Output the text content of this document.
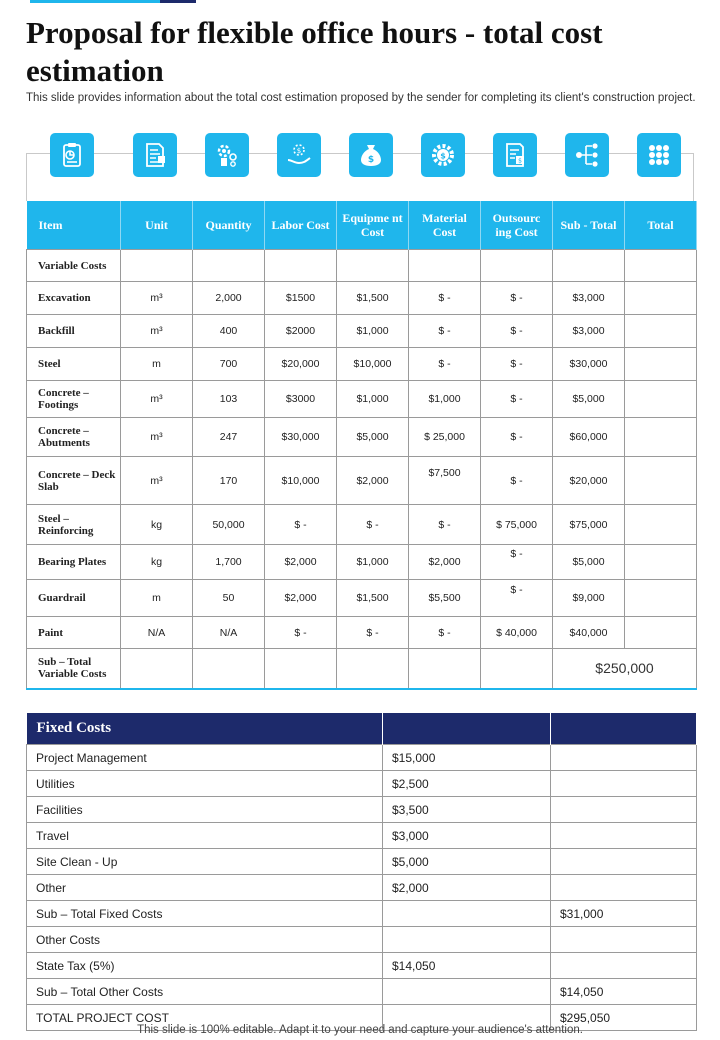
Proposal for flexible office hours - total cost estimation

This slide provides information about the total cost estimation proposed by the sender for completing its client's construction project.

$
$	$
$
Item	Unit	Quantity	Labor Cost	Equipme nt Cost	Material Cost	Outsourc ing Cost	Sub - Total	Total
Variable Costs								
Excavation	m³	2,000	$1500	$1,500	$ -	$ -	$3,000	
Backfill	m³	400	$2000	$1,000	$ -	$ -	$3,000	
Steel	m	700	$20,000	$10,000	$ -	$ -	$30,000	
Concrete – Footings	m³	103	$3000	$1,000	$1,000	$ -	$5,000	
Concrete – Abutments	m³	247	$30,000	$5,000	$ 25,000	$ -	$60,000	
Concrete – Deck Slab	m³	170	$10,000	$2,000	$7,500	$ -	$20,000	
Steel – Reinforcing	kg	50,000	$ -	$ -	$ -	$ 75,000	$75,000	
Bearing Plates	kg	1,700	$2,000	$1,000	$2,000	$ -	$5,000	
Guardrail	m	50	$2,000	$1,500	$5,500	$ -	$9,000	
Paint	N/A	N/A	$ -	$ -	$ -	$ 40,000	$40,000	
Sub – Total Variable Costs							$250,000	
Fixed Costs		
Project Management	$15,000	
Utilities	$2,500	
Facilities	$3,500	
Travel	$3,000	
Site Clean - Up	$5,000	
Other	$2,000	
Sub – Total Fixed Costs		$31,000
Other Costs		
State Tax (5%)	$14,050	
Sub – Total Other Costs		$14,050
TOTAL PROJECT COST		$295,050

This slide is 100% editable. Adapt it to your need and capture your audience's attention.
